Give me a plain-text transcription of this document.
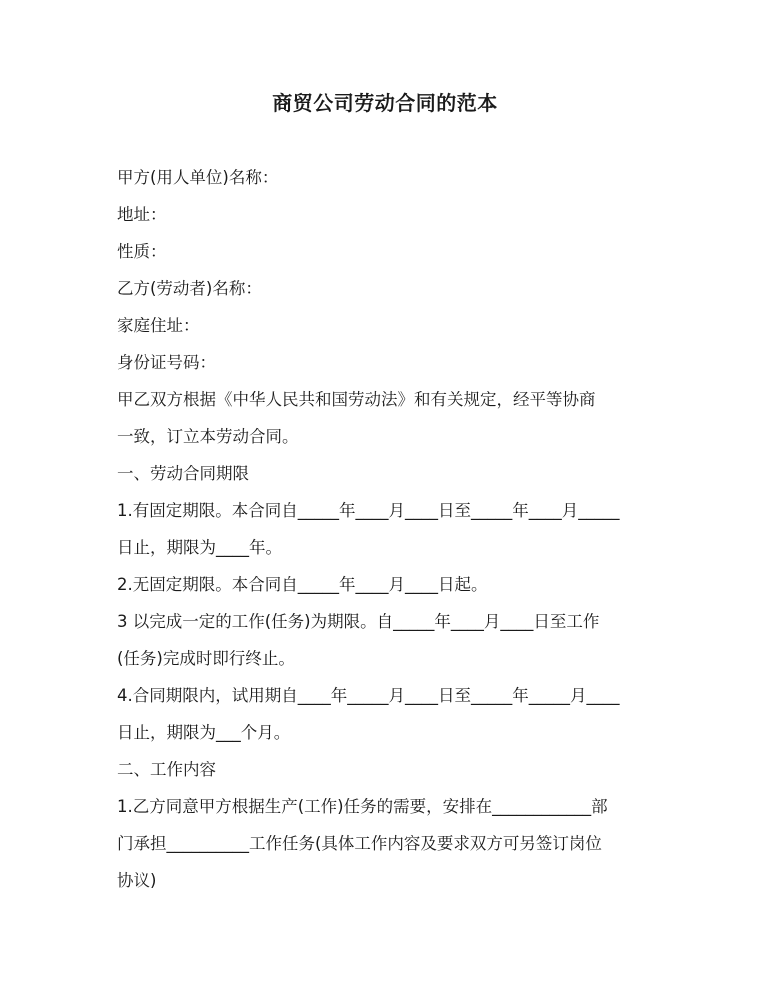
商贸公司劳动合同的范本
甲方(用人单位)名称：
地址：
性质：
乙方(劳动者)名称：
家庭住址：
身份证号码：
甲乙双方根据《中华人民共和国劳动法》和有关规定，经平等协商
一致，订立本劳动合同。
一、劳动合同期限
1.有固定期限。本合同自_____年____月____日至_____年____月_____
日止，期限为____年。
2.无固定期限。本合同自_____年____月____日起。
3 以完成一定的工作(任务)为期限。自_____年____月____日至工作
(任务)完成时即行终止。
4.合同期限内，试用期自____年_____月____日至_____年_____月____
日止，期限为___个月。
二、工作内容
1.乙方同意甲方根据生产(工作)任务的需要，安排在____________部
门承担__________工作任务(具体工作内容及要求双方可另签订岗位
协议)
